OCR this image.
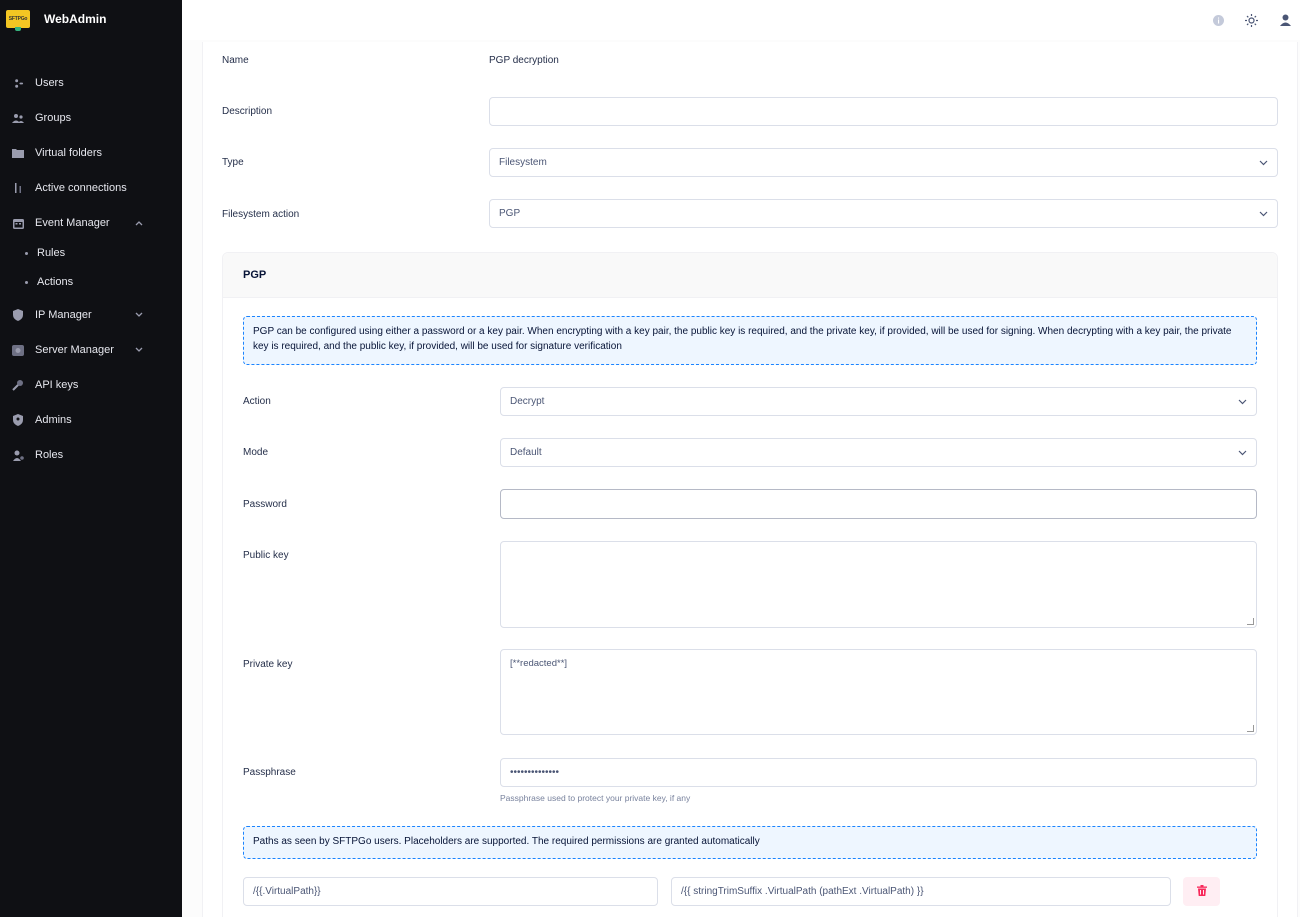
SFTPGo WebAdmin
Users
Groups
Virtual folders
Active connections
Event Manager
Rules
Actions
IP Manager
Server Manager
API keys
Admins
Roles
Name	PGP decryption
Description
Type	Filesystem
Filesystem action	PGP
PGP
PGP can be configured using either a password or a key pair. When encrypting with a key pair, the public key is required, and the private key, if provided, will be used for signing. When decrypting with a key pair, the private key is required, and the public key, if provided, will be used for signature verification
Action	Decrypt
Mode	Default
Password
Public key
Private key	[**redacted**]
Passphrase	••••••••••••••
Passphrase used to protect your private key, if any
Paths as seen by SFTPGo users. Placeholders are supported. The required permissions are granted automatically
/{{.VirtualPath}}	/{{ stringTrimSuffix .VirtualPath (pathExt .VirtualPath) }}
